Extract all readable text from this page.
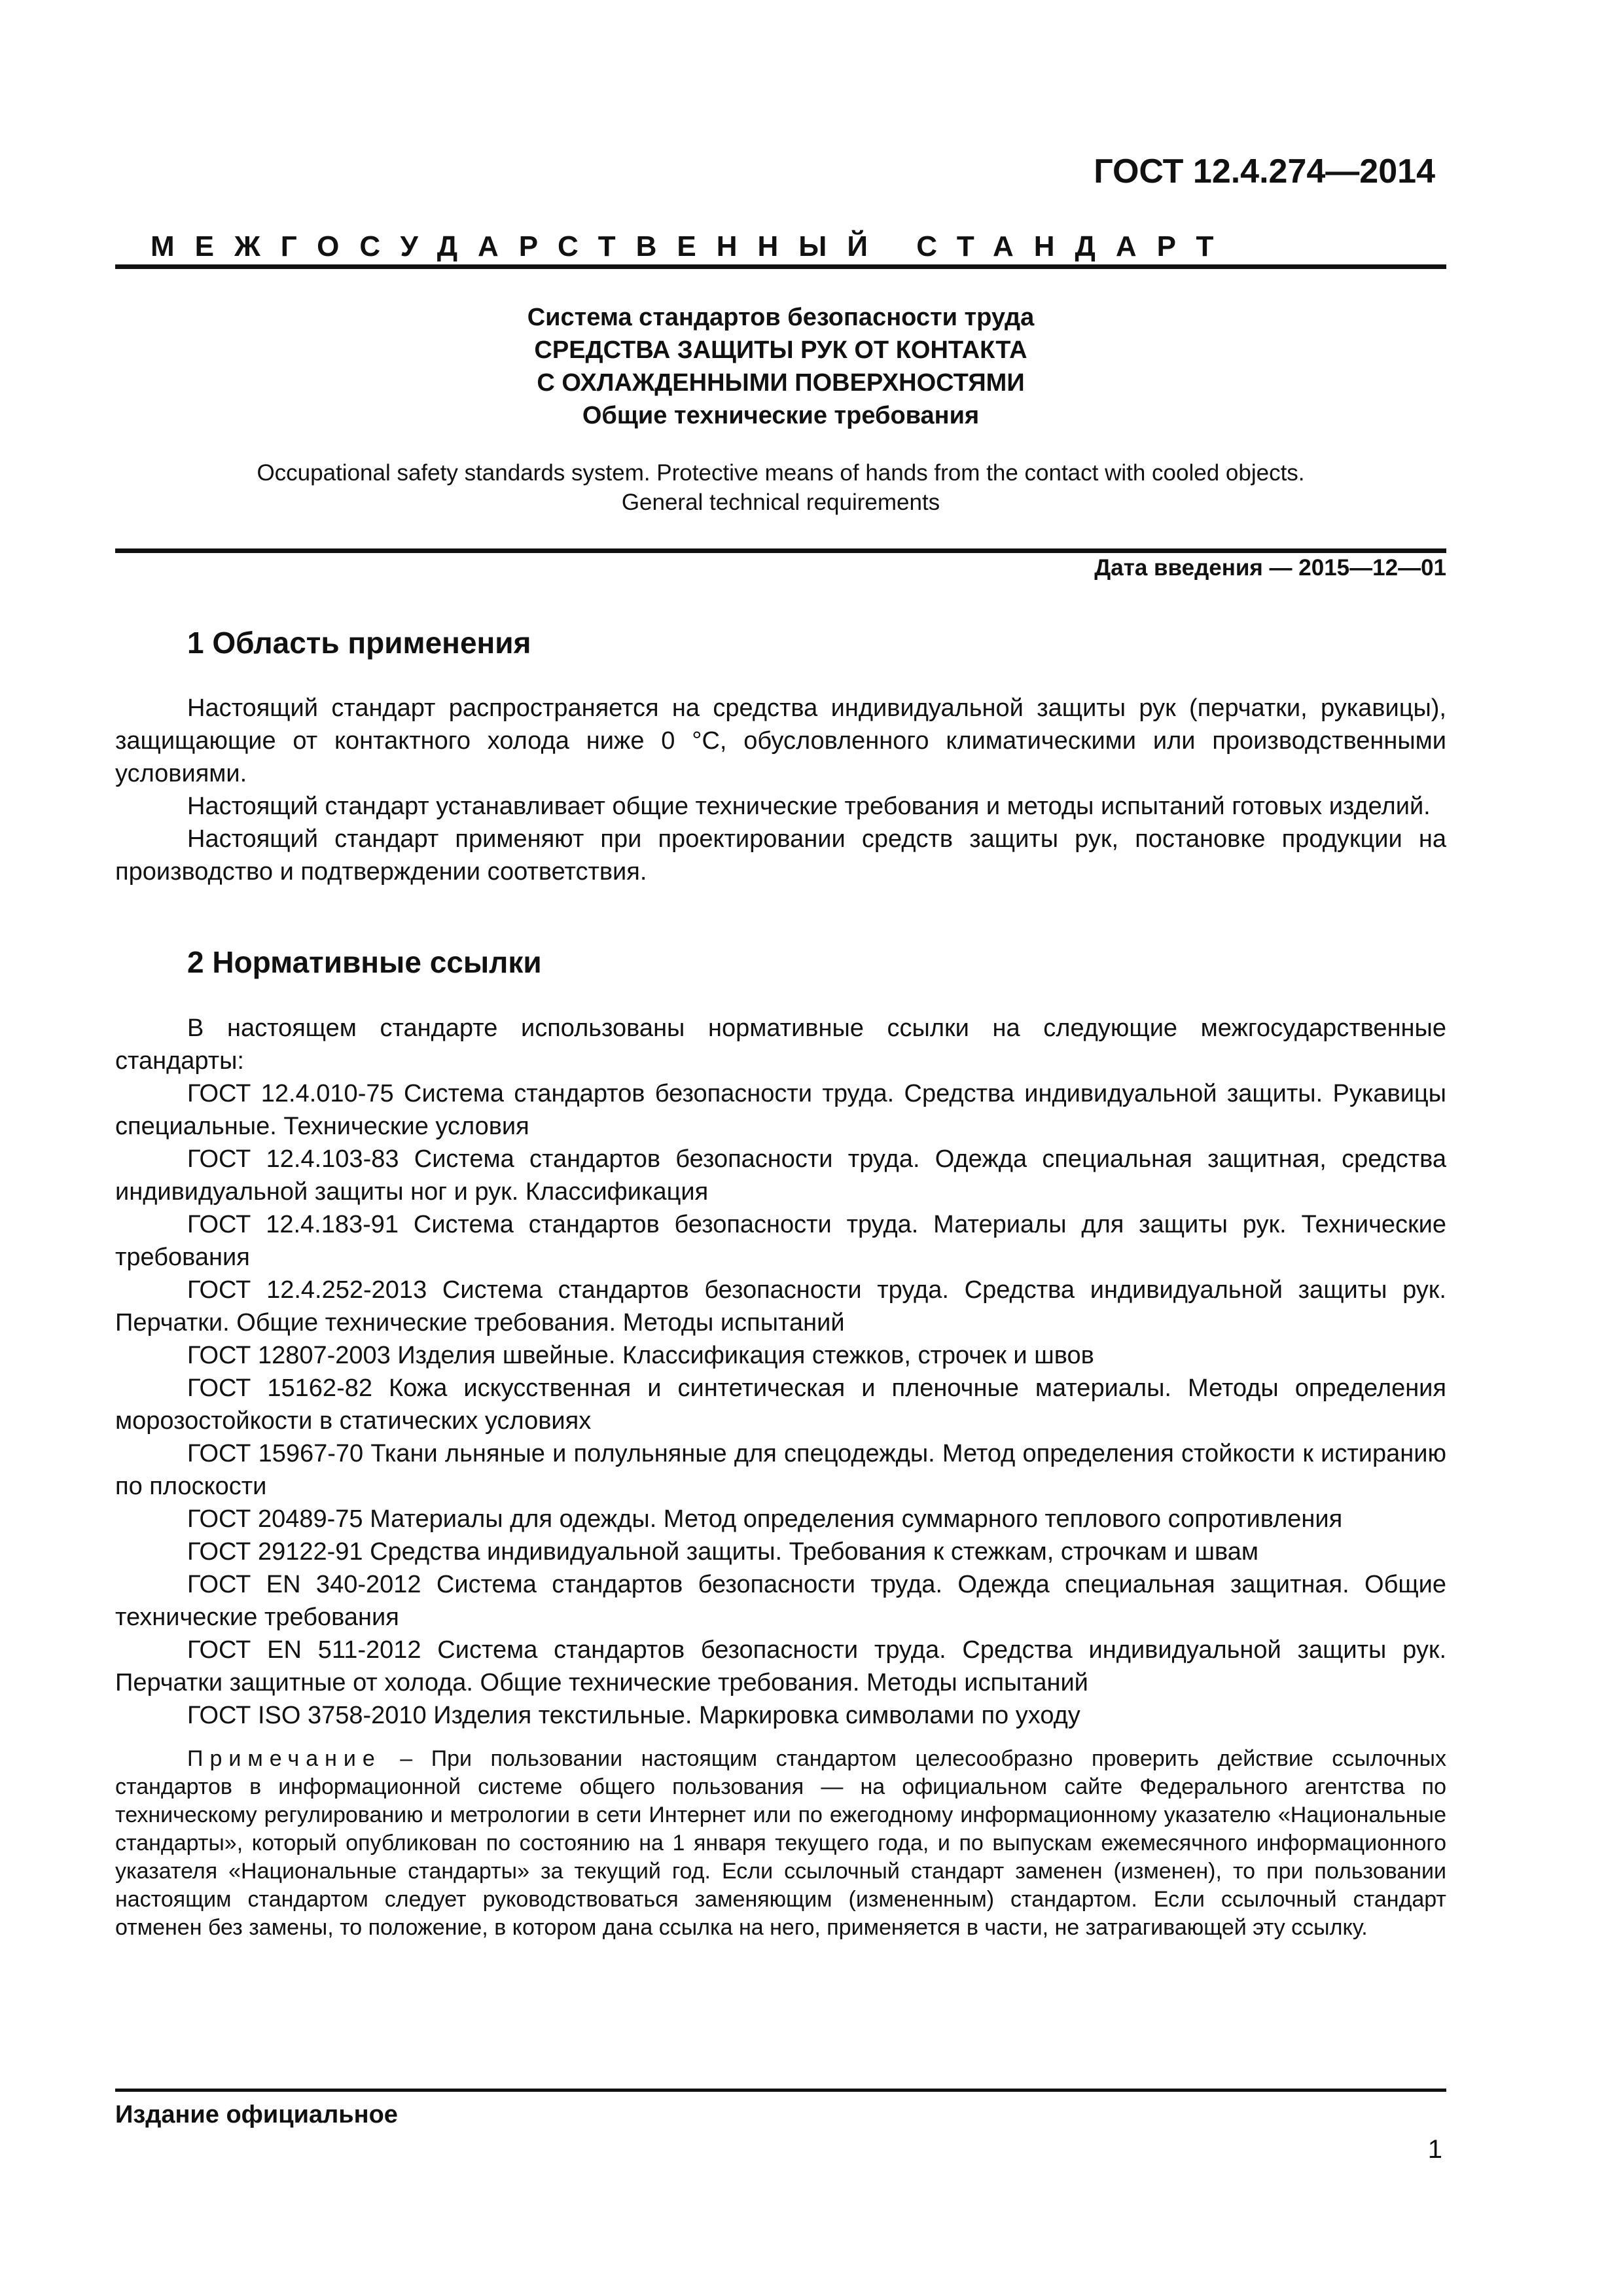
ГОСТ 12.4.274—2014
МЕЖГОСУДАРСТВЕННЫЙ СТАНДАРТ
Система стандартов безопасности труда
СРЕДСТВА ЗАЩИТЫ РУК ОТ КОНТАКТА
С ОХЛАЖДЕННЫМИ ПОВЕРХНОСТЯМИ
Общие технические требования
Occupational safety standards system. Protective means of hands from the contact with cooled objects.
General technical requirements
Дата введения — 2015—12—01
1 Область применения

Настоящий стандарт распространяется на средства индивидуальной защиты рук (перчатки, рукавицы), защищающие от контактного холода ниже 0 °С, обусловленного климатическими или производственными условиями.

Настоящий стандарт устанавливает общие технические требования и методы испытаний готовых изделий.

Настоящий стандарт применяют при проектировании средств защиты рук, постановке продукции на производство и подтверждении соответствия.

2 Нормативные ссылки

В настоящем стандарте использованы нормативные ссылки на следующие межгосударственные стандарты:

ГОСТ 12.4.010-75 Система стандартов безопасности труда. Средства индивидуальной защиты. Рукавицы специальные. Технические условия

ГОСТ 12.4.103-83 Система стандартов безопасности труда. Одежда специальная защитная, средства индивидуальной защиты ног и рук. Классификация

ГОСТ 12.4.183-91 Система стандартов безопасности труда. Материалы для защиты рук. Технические требования

ГОСТ 12.4.252-2013 Система стандартов безопасности труда. Средства индивидуальной защиты рук. Перчатки. Общие технические требования. Методы испытаний

ГОСТ 12807-2003 Изделия швейные. Классификация стежков, строчек и швов

ГОСТ 15162-82 Кожа искусственная и синтетическая и пленочные материалы. Методы определения морозостойкости в статических условиях

ГОСТ 15967-70 Ткани льняные и полульняные для спецодежды. Метод определения стойкости к истиранию по плоскости

ГОСТ 20489-75 Материалы для одежды. Метод определения суммарного теплового сопротивления

ГОСТ 29122-91 Средства индивидуальной защиты. Требования к стежкам, строчкам и швам

ГОСТ EN 340-2012 Система стандартов безопасности труда. Одежда специальная защитная. Общие технические требования

ГОСТ EN 511-2012 Система стандартов безопасности труда. Средства индивидуальной защиты рук. Перчатки защитные от холода. Общие технические требования. Методы испытаний

ГОСТ ISO 3758-2010 Изделия текстильные. Маркировка символами по уходу

Примечание – При пользовании настоящим стандартом целесообразно проверить действие ссылочных стандартов в информационной системе общего пользования — на официальном сайте Федерального агентства по техническому регулированию и метрологии в сети Интернет или по ежегодному информационному указателю «Национальные стандарты», который опубликован по состоянию на 1 января текущего года, и по выпускам ежемесячного информационного указателя «Национальные стандарты» за текущий год. Если ссылочный стандарт заменен (изменен), то при пользовании настоящим стандартом следует руководствоваться заменяющим (измененным) стандартом. Если ссылочный стандарт отменен без замены, то положение, в котором дана ссылка на него, применяется в части, не затрагивающей эту ссылку.

Издание официальное
1
